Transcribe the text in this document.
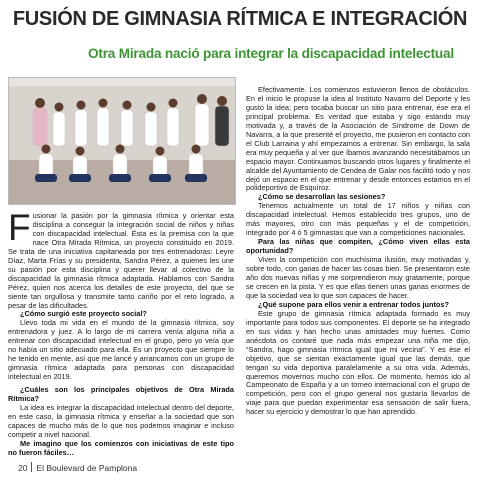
FUSIÓN DE GIMNASIA RÍTMICA E INTEGRACIÓN
Otra Mirada nació para integrar la discapacidad intelectual

Fusionar la pasión por la gimnasia rítmica y orientar esta disciplina a conseguir la integración social de niños y niñas con discapacidad intelectual. Ésta es la premisa con la que nace Otra Mirada Rítmica, un proyecto constituido en 2019. Se trata de una iniciativa capitaneada por tres entrenadoras: Leyre Díaz, Marta Frías y su presidenta, Sandra Pérez, a quienes les une su pasión por esta disciplina y querer llevar al colectivo de la discapacidad la gimnasia rítmica adaptada. Hablamos con Sandra Pérez, quien nos acerca los detalles de este proyecto, del que se siente tan orgullosa y transmite tanto cariño por el reto logrado, a pesar de las dificultades.

¿Cómo surgió este proyecto social?

Llevo toda mi vida en el mundo de la gimnasia rítmica, soy entrenadora y juez. A lo largo de mi carrera venía alguna niña a entrenar con discapacidad intelectual en el grupo, pero yo veía que no había un sitio adecuado para ella. Es un proyecto que siempre lo he tenido en mente, así que me lancé y arrancamos con un grupo de gimnasia rítmica adaptada para personas con discapacidad intelectual en 2019.

¿Cuáles son los principales objetivos de Otra Mirada Rítmica?

La idea es integrar la discapacidad intelectual dentro del deporte, en este caso, la gimnasia rítmica y enseñar a la sociedad que son capaces de mucho más de lo que nos podemos imaginar e incluso competir a nivel nacional.

Me imagino que los comienzos con iniciativas de este tipo no fueron fáciles…

Efectivamente. Los comienzos estuvieron llenos de obstáculos. En el inicio le propuse la idea al Instituto Navarro del Deporte y les gustó la idea; pero tocaba buscar un sitio para entrenar, ése era el principal problema. Es verdad que estaba y sigo estando muy motivada y, a través de la Asociación de Síndrome de Down de Navarra, a la que presenté el proyecto, me pusieron en contacto con el Club Larraina y ahí empezamos a entrenar. Sin embargo, la sala era muy pequeña y al ver que íbamos avanzando necesitábamos un espacio mayor. Continuamos buscando otros lugares y finalmente el alcalde del Ayuntamiento de Cendea de Galar nos facilitó todo y nos dejó un espacio en el que entrenar y desde entonces estamos en el polideportivo de Esquíroz.

¿Cómo se desarrollan las sesiones?

Tenemos actualmente un total de 17 niños y niñas con discapacidad intelectual. Hemos establecido tres grupos, uno de más mayores, otro con más pequeñas y el de competición, integrado por 4 ó 5 gimnastas que van a competiciones nacionales.

Para las niñas que compiten, ¿Cómo viven ellas esta oportunidad?

Viven la competición con muchísima ilusión, muy motivadas y, sobre todo, con ganas de hacer las cosas bien. Se presentaron este año dos nuevas niñas y me sorprendieron muy gratamente, porque se crecen en la pista. Y es que ellas tienen unas ganas enormes de que la sociedad vea lo que son capaces de hacer.

¿Qué supone para ellos venir a entrenar todos juntos?

Este grupo de gimnasia rítmica adaptada formado es muy importante para todos sus componentes. El deporte se ha integrado en sus vidas y han hecho unas amistades muy fuertes. Como anécdota os contaré que nada más empezar una niña me dijo, “Sandra, hago gimnasia rítmica igual que mi vecina”. Y es ése el objetivo, que se sientan exactamente igual que las demás, que tengan su vida deportiva paralelamente a su otra vida. Además, queremos movernos mucho con ellos. De momento, hemos ido al Campeonato de España y a un torneo internacional con el grupo de competición, pero con el grupo general nos gustaría llevarlos de viaje para que puedan experimentar esa sensación de salir fuera, hacer su ejercicio y demostrar lo que han aprendido.

20 El Boulevard de Pamplona
